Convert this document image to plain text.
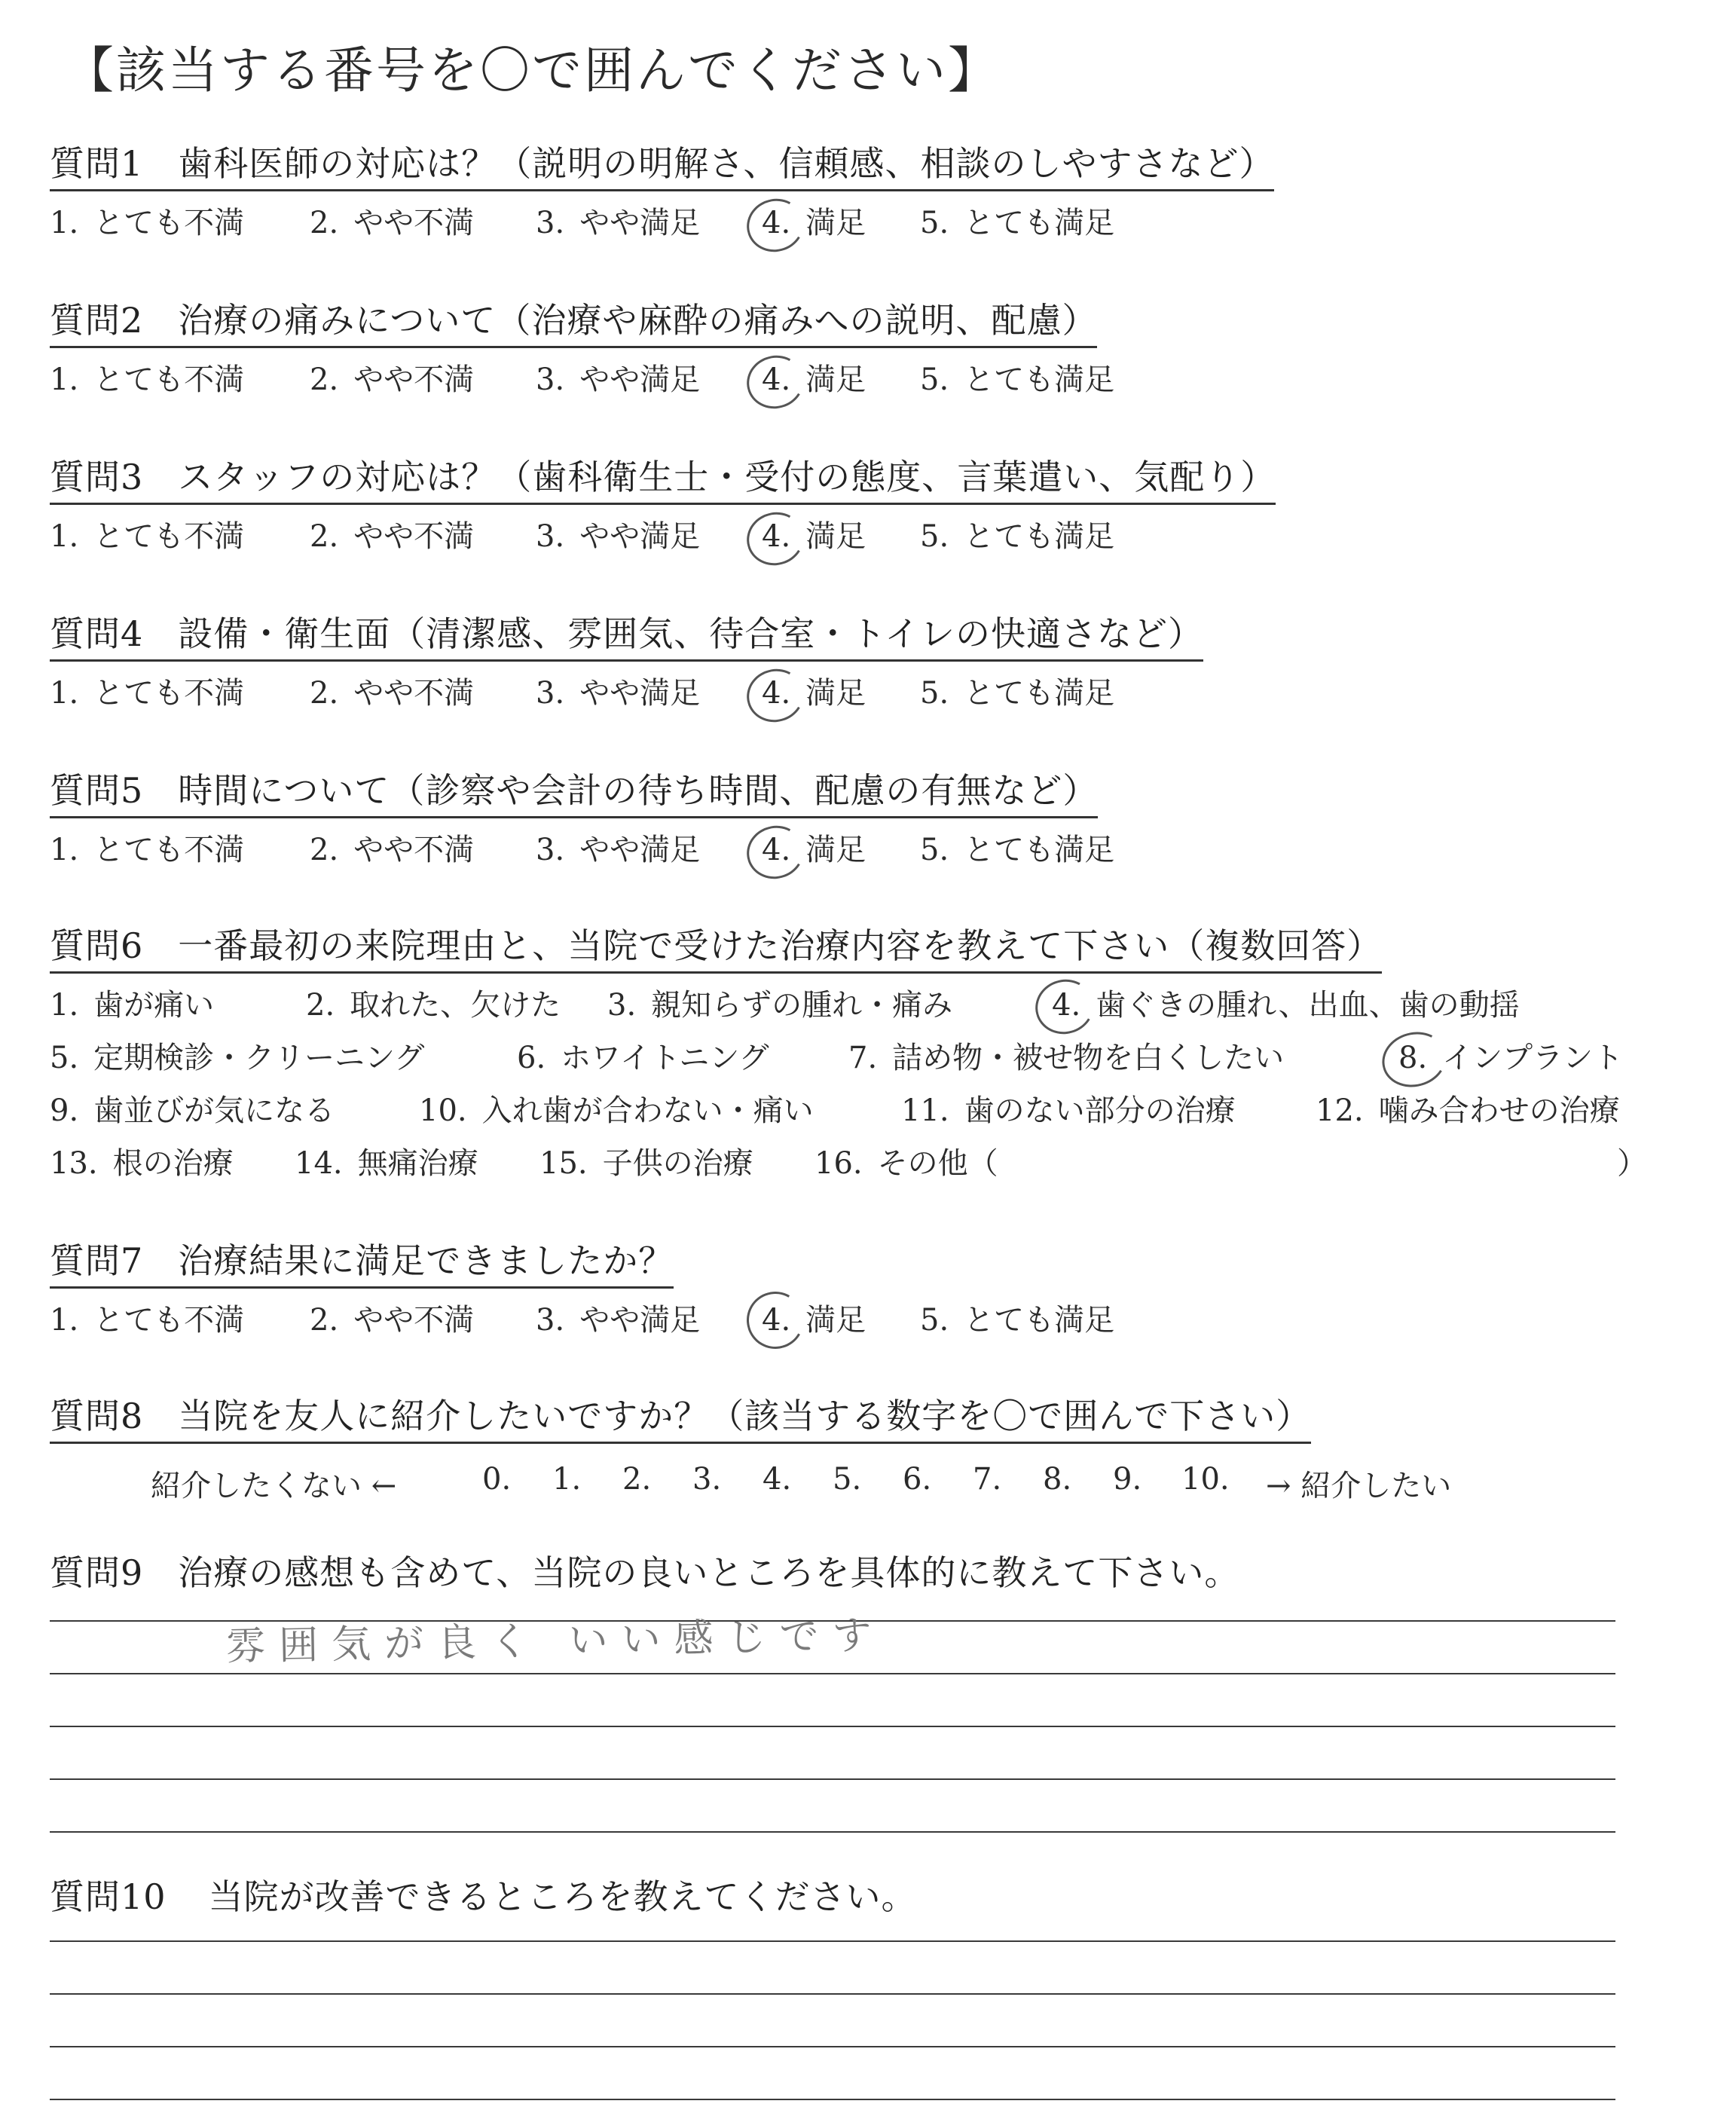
【該当する番号を〇で囲んでください】
質問1 歯科医師の対応は？（説明の明解さ、信頼感、相談のしやすさなど）
1. とても不満 2. やや不満 3. やや満足 4. 満足 5. とても満足
質問2 治療の痛みについて（治療や麻酔の痛みへの説明、配慮）
1. とても不満 2. やや不満 3. やや満足 4. 満足 5. とても満足
質問3 スタッフの対応は？（歯科衛生士・受付の態度、言葉遣い、気配り）
1. とても不満 2. やや不満 3. やや満足 4. 満足 5. とても満足
質問4 設備・衛生面（清潔感、雰囲気、待合室・トイレの快適さなど）
1. とても不満 2. やや不満 3. やや満足 4. 満足 5. とても満足
質問5 時間について（診察や会計の待ち時間、配慮の有無など）
1. とても不満 2. やや不満 3. やや満足 4. 満足 5. とても満足
質問6 一番最初の来院理由と、当院で受けた治療内容を教えて下さい（複数回答）
1. 歯が痛い	2. 取れた、欠けた 3. 親知らずの腫れ・痛み	4. 歯ぐきの腫れ、出血、歯の動揺
5. 定期検診・クリーニング	6. ホワイトニング	7. 詰め物・被せ物を白くしたい	8. インプラント
9. 歯並びが気になる	10. 入れ歯が合わない・痛い	11. 歯のない部分の治療	12. 噛み合わせの治療
13. 根の治療 14. 無痛治療 15. 子供の治療 16. その他（	）
質問7 治療結果に満足できましたか？
1. とても不満 2. やや不満 3. やや満足 4. 満足 5. とても満足
質問8 当院を友人に紹介したいですか？（該当する数字を〇で囲んで下さい）
紹介したくない ←	0. 1. 2. 3. 4. 5. 6. 7. 8. 9. 10. → 紹介したい
質問9 治療の感想も含めて、当院の良いところを具体的に教えて下さい。
雰囲気が良く いい感じです
質問10 当院が改善できるところを教えてください。
